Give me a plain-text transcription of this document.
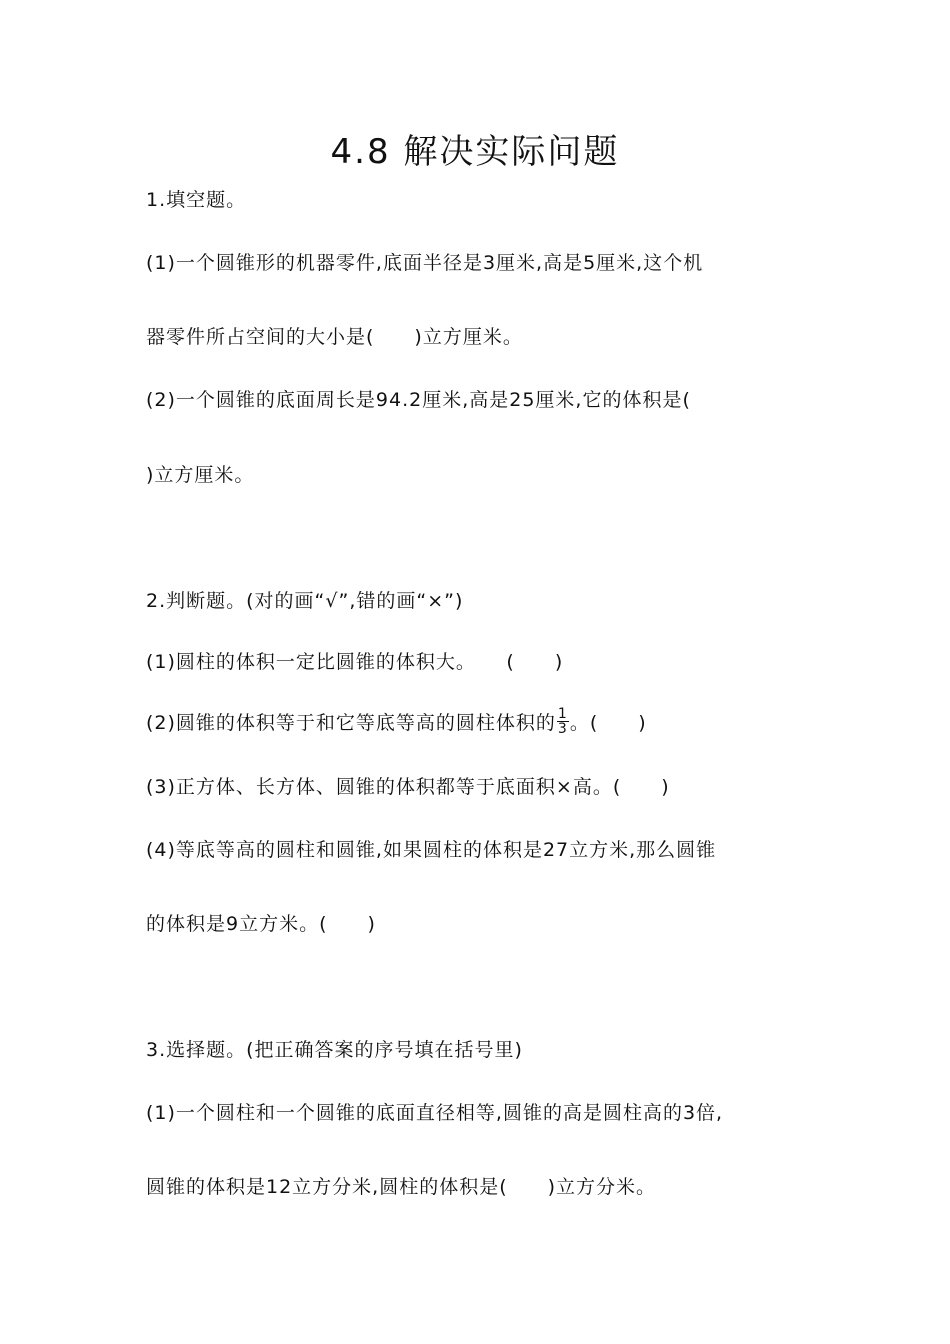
4.8 解决实际问题
1.填空题。
(1)一个圆锥形的机器零件,底面半径是3厘米,高是5厘米,这个机
器零件所占空间的大小是(　　)立方厘米。
(2)一个圆锥的底面周长是94.2厘米,高是25厘米,它的体积是(
)立方厘米。
2.判断题。(对的画“√”,错的画“×”)
(1)圆柱的体积一定比圆锥的体积大。　　(　　)
(2)圆锥的体积等于和它等底等高的圆柱体积的 $\frac{1}{3}$ 。(　　)
(3)正方体、长方体、圆锥的体积都等于底面积×高。(　　)
(4)等底等高的圆柱和圆锥,如果圆柱的体积是27立方米,那么圆锥
的体积是9立方米。(　　)
3.选择题。(把正确答案的序号填在括号里)
(1)一个圆柱和一个圆锥的底面直径相等,圆锥的高是圆柱高的3倍,
圆锥的体积是12立方分米,圆柱的体积是(　　)立方分米。
